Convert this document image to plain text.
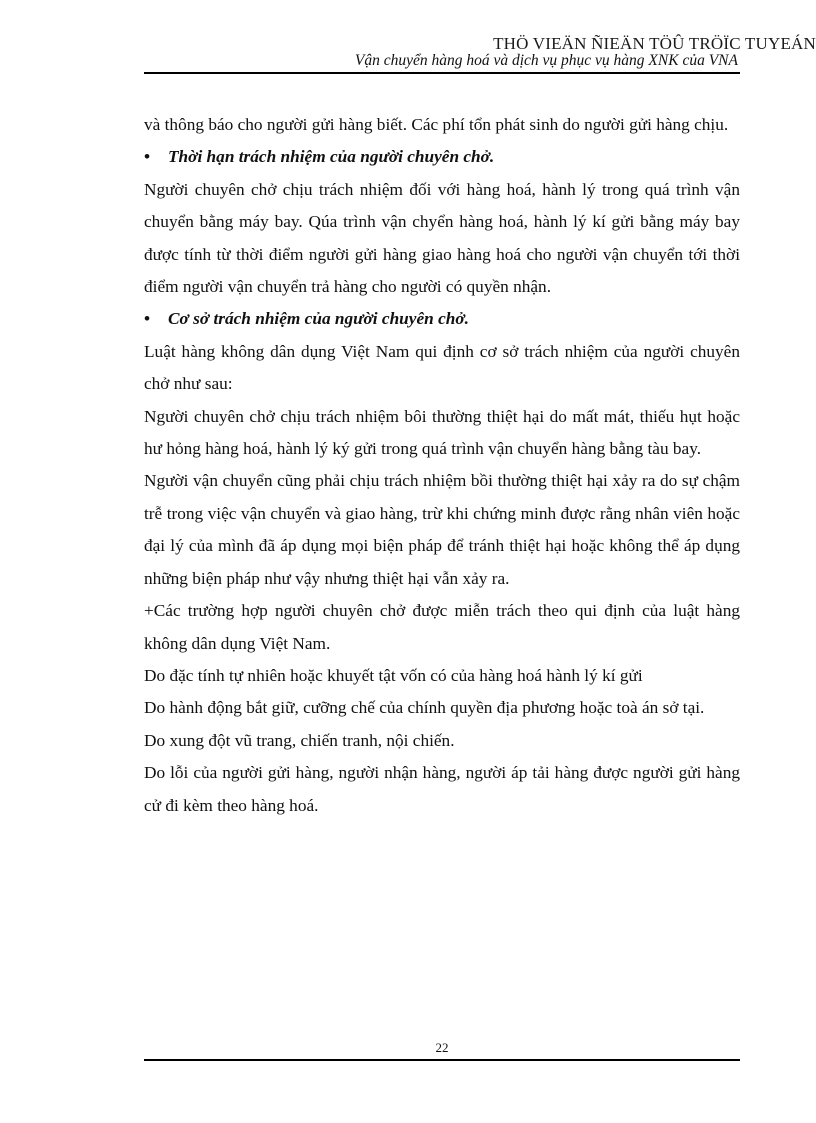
THÖ VIEÄN ÑIEÄN TÖÛ TRÖÏC TUYEÁN
Vận chuyển hàng hoá và dịch vụ phục vụ hàng XNK của VNA

và thông báo cho người gửi hàng biết. Các phí tổn phát sinh do người gửi hàng chịu.

•	Thời hạn trách nhiệm của người chuyên chở.

Người chuyên chở chịu trách nhiệm đối với hàng hoá, hành lý trong quá trình vận chuyển bằng máy bay. Qúa trình vận chyển hàng hoá, hành lý kí gửi bằng máy bay được tính từ thời điểm người gửi hàng giao hàng hoá cho người vận chuyển tới thời điểm người vận chuyển trả hàng cho người có quyền nhận.

•	Cơ sở trách nhiệm của người chuyên chở.

Luật hàng không dân dụng Việt Nam qui định cơ sở trách nhiệm của người chuyên chở như sau:

Người chuyên chở chịu trách nhiệm bôi thường thiệt hại do mất mát, thiếu hụt hoặc hư hỏng hàng hoá, hành lý ký gửi trong quá trình vận chuyển hàng bằng tàu bay.

Người vận chuyển cũng phải chịu trách nhiệm bồi thường thiệt hại xảy ra do sự chậm trễ trong việc vận chuyển và giao hàng, trừ khi chứng minh được rằng nhân viên hoặc đại lý của mình đã áp dụng mọi biện pháp để tránh thiệt hại hoặc không thể áp dụng những biện pháp như vậy nhưng thiệt hại vẫn xảy ra.

+Các trường hợp người chuyên chở được miễn trách theo qui định của luật hàng không dân dụng Việt Nam.

Do đặc tính tự nhiên hoặc khuyết tật vốn có của hàng hoá hành lý kí gửi

Do hành động bắt giữ, cưỡng chế của chính quyền địa phương hoặc toà án sở tại.

Do xung đột vũ trang, chiến tranh, nội chiến.

Do lỗi của người gửi hàng, người nhận hàng, người áp tải hàng được người gửi hàng cử đi kèm theo hàng hoá.

22
